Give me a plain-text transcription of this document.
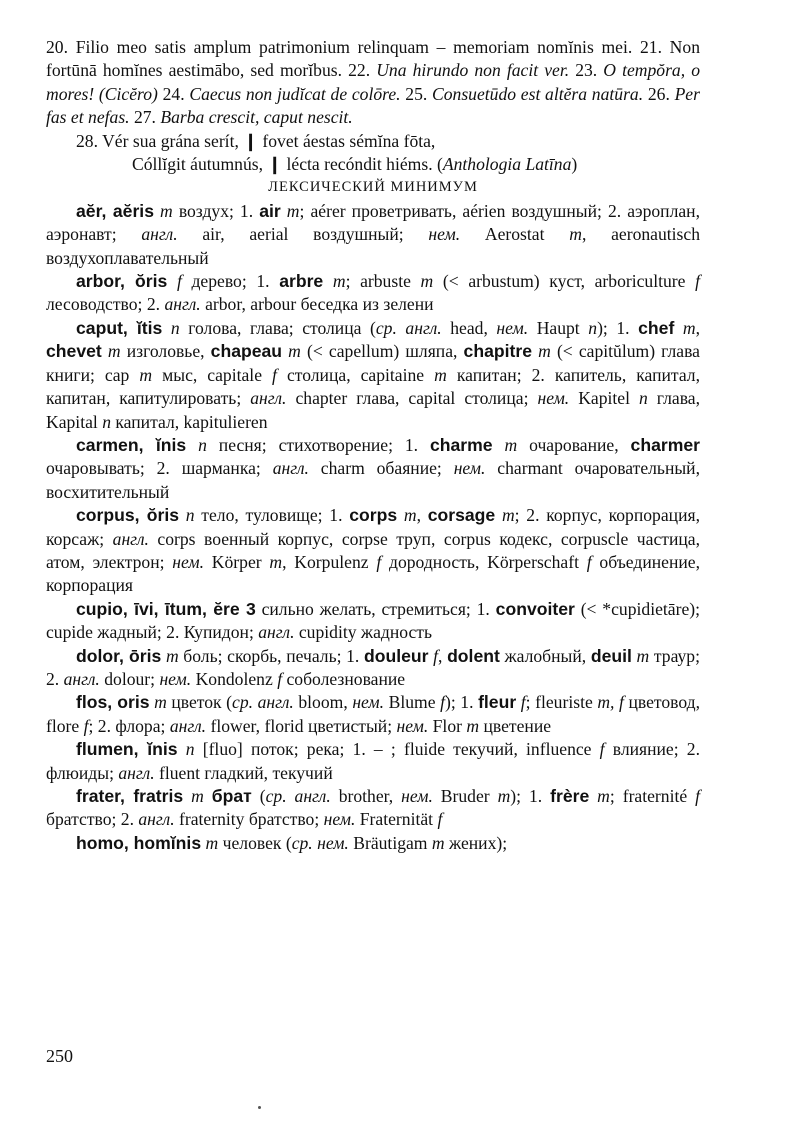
20. Filio meo satis amplum patrimonium relinquam – memoriam nomĭnis mei. 21. Non fortūnā homĭnes aestimābo, sed morĭbus. 22. Una hirundo non facit ver. 23. O tempŏra, o mores! (Cicĕro) 24. Caecus non judĭcat de colōre. 25. Consuetūdo est altĕra natūra. 26. Per fas et nefas. 27. Barba crescit, caput nescit.

28. Vér sua grána serít, ❙ fovet áestas sémĭna fōta,

Cóllĭgit áutumnús, ❙ lécta recóndit hiéms. (Anthologia Latīna)

ЛЕКСИЧЕСКИЙ МИНИМУМ

aĕr, aĕris m воздух; 1. air m; aérer проветривать, aérien воздушный; 2. аэроплан, аэронавт; англ. air, aerial воздушный; нем. Aerostat m, aeronautisch воздухоплавательный

arbor, ŏris f дерево; 1. arbre m; arbuste m (< arbustum) куст, arboriculture f лесоводство; 2. англ. arbor, arbour беседка из зелени

caput, ĭtis n голова, глава; столица (ср. англ. head, нем. Haupt n); 1. chef m, chevet m изголовье, chapeau m (< capellum) шляпа, chapitre m (< capitŭlum) глава книги; cap m мыс, capitale f столица, capitaine m капитан; 2. капитель, капитал, капитан, капитулировать; англ. chapter глава, capital столица; нем. Kapitel n глава, Kapital n капитал, kapitulieren

carmen, ĭnis n песня; стихотворение; 1. charme m очарование, charmer очаровывать; 2. шарманка; англ. charm обаяние; нем. charmant очаровательный, восхитительный

corpus, ŏris n тело, туловище; 1. corps m, corsage m; 2. корпус, корпорация, корсаж; англ. corps военный корпус, corpse труп, corpus кодекс, corpuscle частица, атом, электрон; нем. Körper m, Korpulenz f дородность, Körperschaft f объединение, корпорация

cupio, īvi, ītum, ĕre 3 сильно желать, стремиться; 1. convoiter (< *cupidietāre); cupide жадный; 2. Купидон; англ. cupidity жадность

dolor, ōris m боль; скорбь, печаль; 1. douleur f, dolent жалобный, deuil m траур; 2. англ. dolour; нем. Kondolenz f соболезнование

flos, oris m цветок (ср. англ. bloom, нем. Blume f); 1. fleur f; fleuriste m, f цветовод, flore f; 2. флора; англ. flower, florid цветистый; нем. Flor m цветение

flumen, ĭnis n [fluo] поток; река; 1. – ; fluide текучий, influence f влияние; 2. флюиды; англ. fluent гладкий, текучий

frater, fratris m брат (ср. англ. brother, нем. Bruder m); 1. frère m; fraternité f братство; 2. англ. fraternity братство; нем. Fraternität f

homo, homĭnis m человек (ср. нем. Bräutigam m жених);

250
